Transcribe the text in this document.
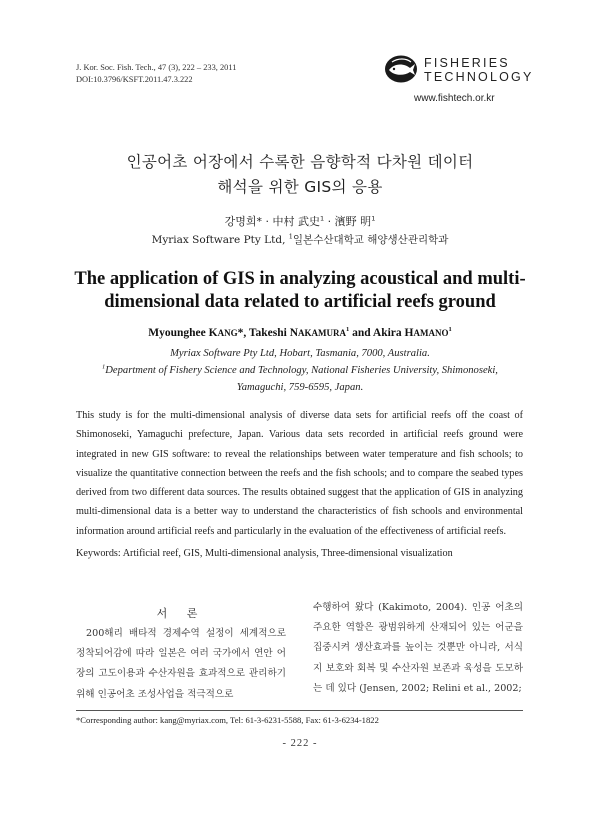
J. Kor. Soc. Fish. Tech., 47 (3), 222 – 233, 2011
DOI:10.3796/KSFT.2011.47.3.222
FISHERIES
TECHNOLOGY
www.fishtech.or.kr
인공어초 어장에서 수록한 음향학적 다차원 데이터
해석을 위한 GIS의 응용
강명희* · 中村 武史$^1$ · 濱野 明$^1$
Myriax Software Pty Ltd, $^1$일본수산대학교 해양생산관리학과
The application of GIS in analyzing acoustical and multi-
dimensional data related to artificial reefs ground
Myounghee KANG*, Takeshi NAKAMURA$^1$ and Akira HAMANO$^1$
Myriax Software Pty Ltd, Hobart, Tasmania, 7000, Australia.
$^1$Department of Fishery Science and Technology, National Fisheries University, Shimonoseki,
Yamaguchi, 759-6595, Japan.
This study is for the multi-dimensional analysis of diverse data sets for artificial reefs off the coast of Shimonoseki, Yamaguchi prefecture, Japan. Various data sets recorded in artificial reefs ground were integrated in new GIS software: to reveal the relationships between water temperature and fish schools; to visualize the quantitative connection between the reefs and the fish schools; and to compare the seabed types derived from two different data sources. The results obtained suggest that the application of GIS in analyzing multi-dimensional data is a better way to understand the characteristics of fish schools and environmental information around artificial reefs and particularly in the evaluation of the effectiveness of artificial reefs.
Keywords: Artificial reef, GIS, Multi-dimensional analysis, Three-dimensional visualization
서 론
200해리 배타적 경제수역 설정이 세계적으로 정착되어감에 따라 일본은 여러 국가에서 연안 어장의 고도이용과 수산자원을 효과적으로 관리하기 위해 인공어초 조성사업을 적극적으로
수행하여 왔다 (Kakimoto, 2004). 인공 어초의 주요한 역할은 광범위하게 산재되어 있는 어군을 집중시켜 생산효과를 높이는 것뿐만 아니라, 서식지 보호와 회복 및 수산자원 보존과 육성을 도모하는 데 있다 (Jensen, 2002; Relini et al., 2002;
*Corresponding author: kang@myriax.com, Tel: 61-3-6231-5588, Fax: 61-3-6234-1822
- 222 -
